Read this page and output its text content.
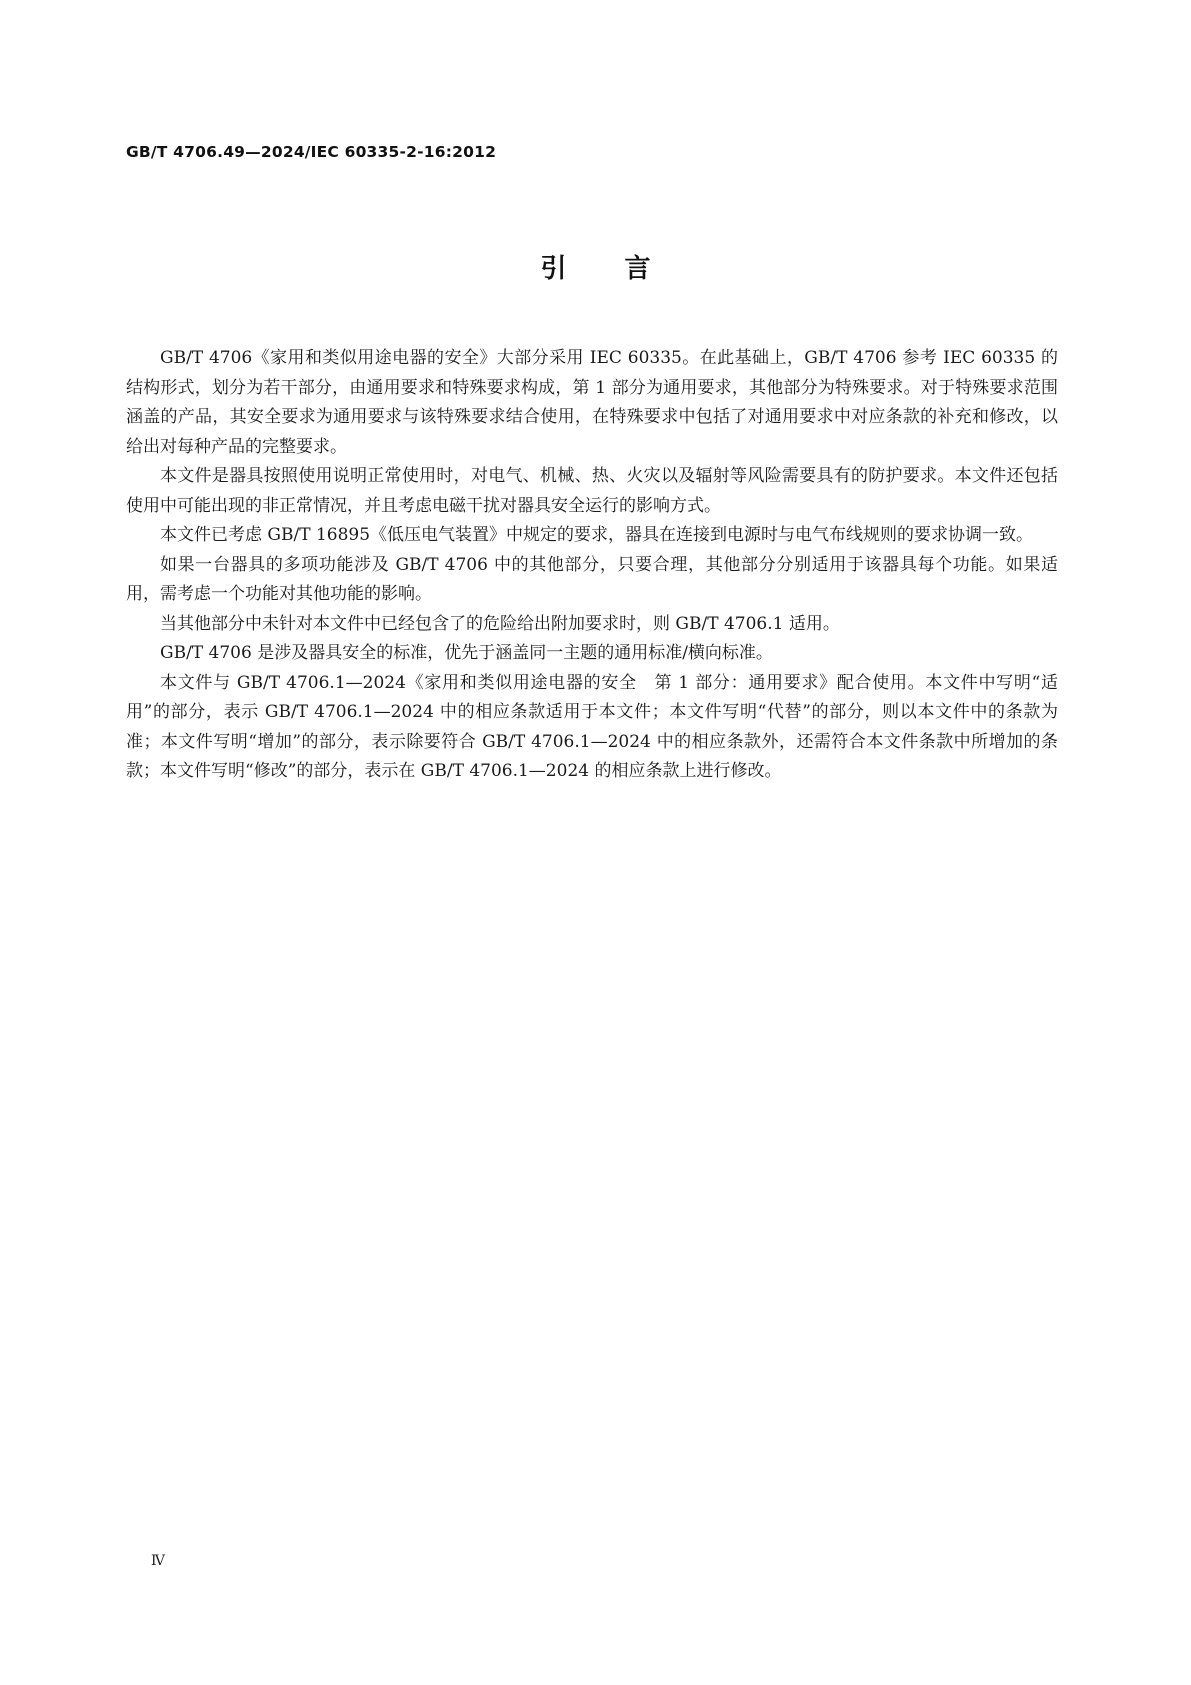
GB/T 4706.49—2024/IEC 60335-2-16:2012
引言

GB/T 4706《家用和类似用途电器的安全》大部分采用 IEC 60335。在此基础上，GB/T 4706 参考 IEC 60335 的结构形式，划分为若干部分，由通用要求和特殊要求构成，第 1 部分为通用要求，其他部分为特殊要求。对于特殊要求范围涵盖的产品，其安全要求为通用要求与该特殊要求结合使用，在特殊要求中包括了对通用要求中对应条款的补充和修改，以给出对每种产品的完整要求。

本文件是器具按照使用说明正常使用时，对电气、机械、热、火灾以及辐射等风险需要具有的防护要求。本文件还包括使用中可能出现的非正常情况，并且考虑电磁干扰对器具安全运行的影响方式。

本文件已考虑 GB/T 16895《低压电气装置》中规定的要求，器具在连接到电源时与电气布线规则的要求协调一致。

如果一台器具的多项功能涉及 GB/T 4706 中的其他部分，只要合理，其他部分分别适用于该器具每个功能。如果适用，需考虑一个功能对其他功能的影响。

当其他部分中未针对本文件中已经包含了的危险给出附加要求时，则 GB/T 4706.1 适用。

GB/T 4706 是涉及器具安全的标准，优先于涵盖同一主题的通用标准/横向标准。

本文件与 GB/T 4706.1—2024《家用和类似用途电器的安全　第 1 部分：通用要求》配合使用。本文件中写明“适用”的部分，表示 GB/T 4706.1—2024 中的相应条款适用于本文件；本文件写明“代替”的部分，则以本文件中的条款为准；本文件写明“增加”的部分，表示除要符合 GB/T 4706.1—2024 中的相应条款外，还需符合本文件条款中所增加的条款；本文件写明“修改”的部分，表示在 GB/T 4706.1—2024 的相应条款上进行修改。

Ⅳ
